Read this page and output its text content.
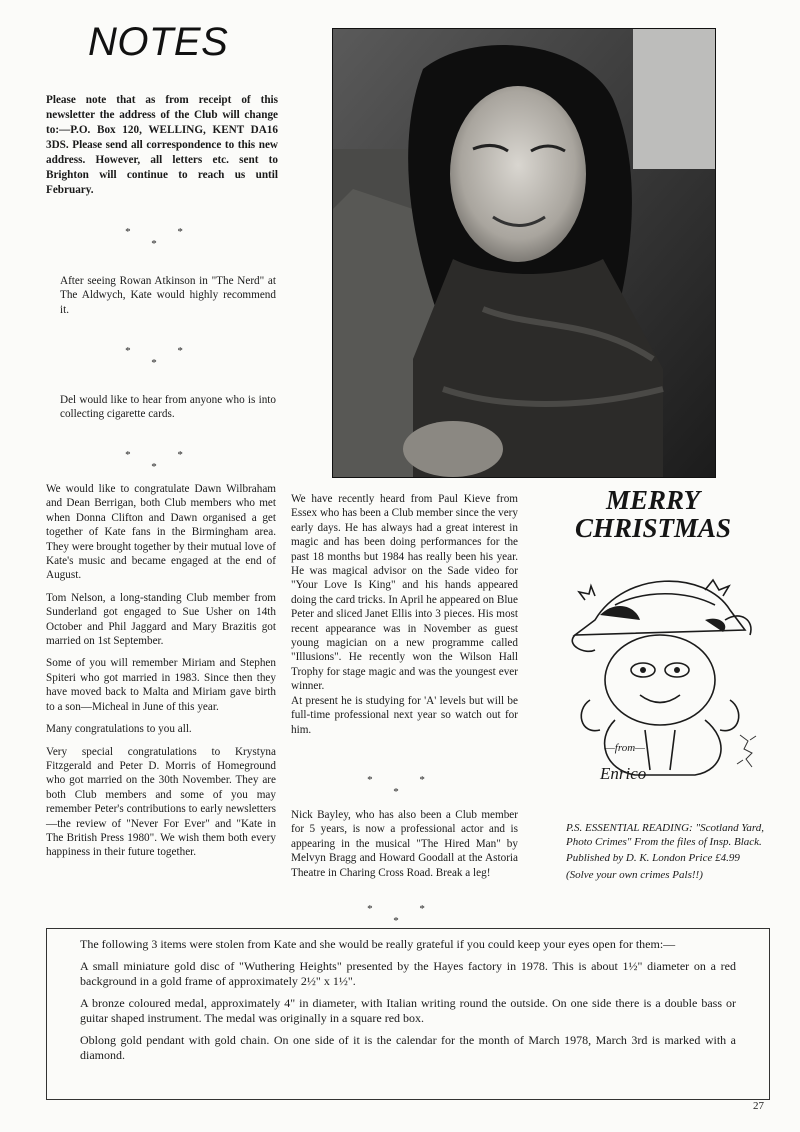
NOTES
Please note that as from receipt of this newsletter the address of the Club will change to:—P.O. Box 120, WELLING, KENT DA16 3DS. Please send all correspondence to this new address. However, all letters etc. sent to Brighton will continue to reach us until February.
* * *
After seeing Rowan Atkinson in "The Nerd" at The Aldwych, Kate would highly recommend it.
* * *
Del would like to hear from anyone who is into collecting cigarette cards.
* * *

We would like to congratulate Dawn Wilbraham and Dean Berrigan, both Club members who met when Donna Clifton and Dawn organised a get together of Kate fans in the Birmingham area. They were brought together by their mutual love of Kate's music and became engaged at the end of August.

Tom Nelson, a long-standing Club member from Sunderland got engaged to Sue Usher on 14th October and Phil Jaggard and Mary Brazitis got married on 1st September.

Some of you will remember Miriam and Stephen Spiteri who got married in 1983. Since then they have moved back to Malta and Miriam gave birth to a son—Micheal in June of this year.

Many congratulations to you all.

Very special congratulations to Krystyna Fitzgerald and Peter D. Morris of Homeground who got married on the 30th November. They are both Club members and some of you may remember Peter's contributions to early newsletters—the review of "Never For Ever" and "Kate in The British Press 1980". We wish them both every happiness in their future together.

We have recently heard from Paul Kieve from Essex who has been a Club member since the very early days. He has always had a great interest in magic and has been doing performances for the past 18 months but 1984 has really been his year. He was magical advisor on the Sade video for "Your Love Is King" and his hands appeared doing the card tricks. In April he appeared on Blue Peter and sliced Janet Ellis into 3 pieces. His most recent appearance was in November as guest young magician on a new programme called "Illusions". He recently won the Wilson Hall Trophy for stage magic and was the youngest ever winner.

At present he is studying for 'A' levels but will be full-time professional next year so watch out for him.

* * *
Nick Bayley, who has also been a Club member for 5 years, is now a professional actor and is appearing in the musical "The Hired Man" by Melvyn Bragg and Howard Goodall at the Astoria Theatre in Charing Cross Road. Break a leg!
* * *
MERRY
CHRISTMAS
—from—
Enrico

P.S. ESSENTIAL READING: "Scotland Yard, Photo Crimes" From the files of Insp. Black.

Published by D. K. London Price £4.99

(Solve your own crimes Pals!!)

The following 3 items were stolen from Kate and she would be really grateful if you could keep your eyes open for them:—

A small miniature gold disc of "Wuthering Heights" presented by the Hayes factory in 1978. This is about 1½" diameter on a red background in a gold frame of approximately 2½" x 1½".

A bronze coloured medal, approximately 4" in diameter, with Italian writing round the outside. On one side there is a double bass or guitar shaped instrument. The medal was originally in a square red box.

Oblong gold pendant with gold chain. On one side of it is the calendar for the month of March 1978, March 3rd is marked with a diamond.

27
